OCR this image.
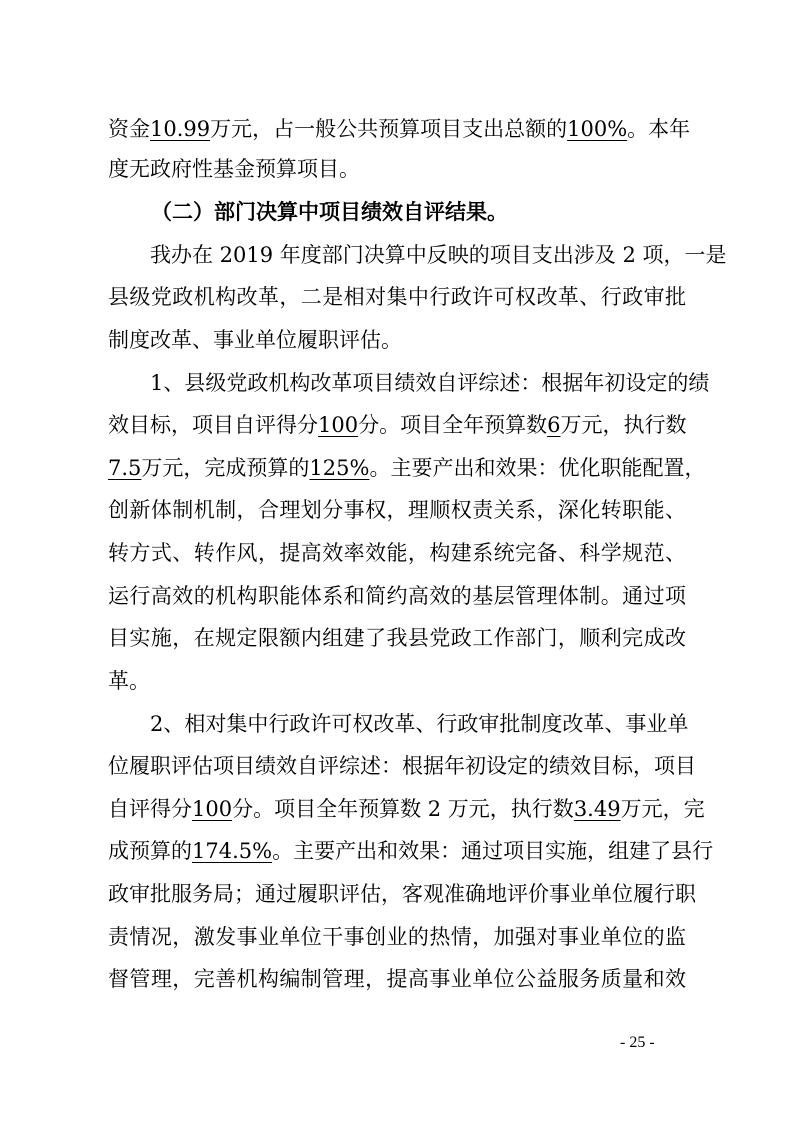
资金10.99万元，占一般公共预算项目支出总额的100%。本年
度无政府性基金预算项目。
（二）部门决算中项目绩效自评结果。
我办在 2019 年度部门决算中反映的项目支出涉及 2 项，一是
县级党政机构改革，二是相对集中行政许可权改革、行政审批
制度改革、事业单位履职评估。
1、县级党政机构改革项目绩效自评综述：根据年初设定的绩
效目标，项目自评得分100分。项目全年预算数6万元，执行数
7.5万元，完成预算的125%。主要产出和效果：优化职能配置，
创新体制机制，合理划分事权，理顺权责关系，深化转职能、
转方式、转作风，提高效率效能，构建系统完备、科学规范、
运行高效的机构职能体系和简约高效的基层管理体制。通过项
目实施，在规定限额内组建了我县党政工作部门，顺利完成改
革。
2、相对集中行政许可权改革、行政审批制度改革、事业单
位履职评估项目绩效自评综述：根据年初设定的绩效目标，项目
自评得分100分。项目全年预算数 2 万元，执行数3.49万元，完
成预算的174.5%。主要产出和效果：通过项目实施，组建了县行
政审批服务局；通过履职评估，客观准确地评价事业单位履行职
责情况，激发事业单位干事创业的热情，加强对事业单位的监
督管理，完善机构编制管理，提高事业单位公益服务质量和效
- 25 -
